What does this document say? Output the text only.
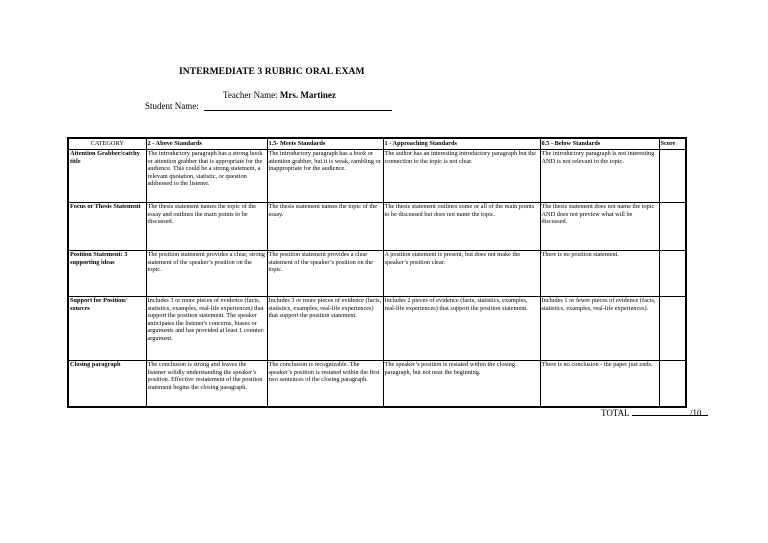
INTERMEDIATE 3 RUBRIC ORAL EXAM
Teacher Name: Mrs. Martinez
Student Name:
CATEGORY	2 - Above Standards	1.5- Meets Standards	1 - Approaching Standards	0.5 - Below Standards	Score
Attention Grabber/catchy title	The introductory paragraph has a strong hook or attention grabber that is appropriate for the audience. This could be a strong statement, a relevant quotation, statistic, or question addressed to the listener.	The introductory paragraph has a hook or attention grabber, but it is weak, rambling or inappropriate for the audience.	The author has an interesting introductory paragraph but the connection to the topic is not clear.	The introductory paragraph is not interesting AND is not relevant to the topic.	
Focus or Thesis Statement	The thesis statement names the topic of the essay and outlines the main points to be discussed.	The thesis statement names the topic of the essay.	The thesis statement outlines some or all of the main points to be discussed but does not name the topic.	The thesis statement does not name the topic AND does not preview what will be discussed.	
Position Statement: 3 supporting ideas	The position statement provides a clear, strong statement of the speaker’s position on the topic.	The position statement provides a clear statement of the speaker’s position on the topic.	A position statement is present, but does not make the speaker’s position clear.	There is no position statement.	
Support for Position/ sources	Includes 3 or more pieces of evidence (facts, statistics, examples, real-life experiences) that support the position statement. The speaker anticipates the listener's concerns, biases or arguments and has provided at least 1 counter-argument.	Includes 3 or more pieces of evidence (facts, statistics, examples, real-life experiences) that support the position statement.	Includes 2 pieces of evidence (facts, statistics, examples, real-life experiences) that support the position statement.	Includes 1 or fewer pieces of evidence (facts, statistics, examples, real-life experiences).	
Closing paragraph	The conclusion is strong and leaves the listener solidly understanding the speaker’s position. Effective restatement of the position statement begins the closing paragraph.	The conclusion is recognizable. The speaker’s position is restated within the first two sentences of the closing paragraph.	The speaker’s position is restated within the closing paragraph, but not near the beginning.	There is no conclusion - the paper just ends.	
TOTAL	/10
